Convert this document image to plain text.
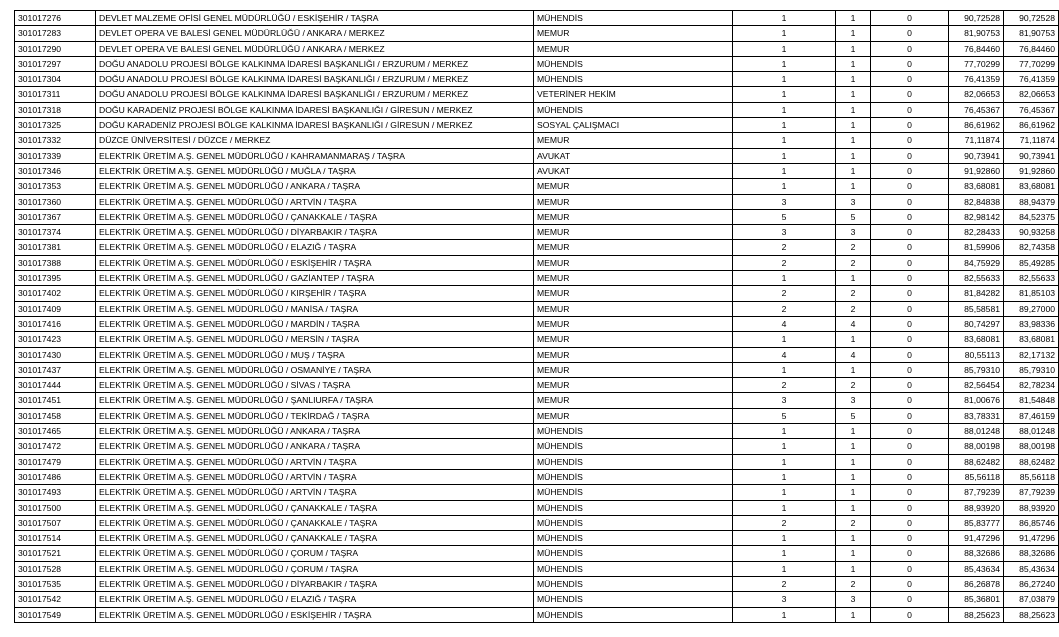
301017276	DEVLET MALZEME OFİSİ GENEL MÜDÜRLÜĞÜ / ESKİŞEHİR / TAŞRA	MÜHENDİS	1	1	0	90,72528	90,72528
301017283	DEVLET OPERA VE BALESİ GENEL MÜDÜRLÜĞÜ / ANKARA / MERKEZ	MEMUR	1	1	0	81,90753	81,90753
301017290	DEVLET OPERA VE BALESİ GENEL MÜDÜRLÜĞÜ / ANKARA / MERKEZ	MEMUR	1	1	0	76,84460	76,84460
301017297	DOĞU ANADOLU PROJESİ BÖLGE KALKINMA İDARESİ BAŞKANLIĞI / ERZURUM / MERKEZ	MÜHENDİS	1	1	0	77,70299	77,70299
301017304	DOĞU ANADOLU PROJESİ BÖLGE KALKINMA İDARESİ BAŞKANLIĞI / ERZURUM / MERKEZ	MÜHENDİS	1	1	0	76,41359	76,41359
301017311	DOĞU ANADOLU PROJESİ BÖLGE KALKINMA İDARESİ BAŞKANLIĞI / ERZURUM / MERKEZ	VETERİNER HEKİM	1	1	0	82,06653	82,06653
301017318	DOĞU KARADENİZ PROJESİ BÖLGE KALKINMA İDARESİ BAŞKANLIĞI / GİRESUN / MERKEZ	MÜHENDİS	1	1	0	76,45367	76,45367
301017325	DOĞU KARADENİZ PROJESİ BÖLGE KALKINMA İDARESİ BAŞKANLIĞI / GİRESUN / MERKEZ	SOSYAL ÇALIŞMACI	1	1	0	86,61962	86,61962
301017332	DÜZCE ÜNİVERSİTESİ / DÜZCE / MERKEZ	MEMUR	1	1	0	71,11874	71,11874
301017339	ELEKTRİK ÜRETİM A.Ş. GENEL MÜDÜRLÜĞÜ / KAHRAMANMARAŞ / TAŞRA	AVUKAT	1	1	0	90,73941	90,73941
301017346	ELEKTRİK ÜRETİM A.Ş. GENEL MÜDÜRLÜĞÜ / MUĞLA / TAŞRA	AVUKAT	1	1	0	91,92860	91,92860
301017353	ELEKTRİK ÜRETİM A.Ş. GENEL MÜDÜRLÜĞÜ / ANKARA / TAŞRA	MEMUR	1	1	0	83,68081	83,68081
301017360	ELEKTRİK ÜRETİM A.Ş. GENEL MÜDÜRLÜĞÜ / ARTVİN / TAŞRA	MEMUR	3	3	0	82,84838	88,94379
301017367	ELEKTRİK ÜRETİM A.Ş. GENEL MÜDÜRLÜĞÜ / ÇANAKKALE / TAŞRA	MEMUR	5	5	0	82,98142	84,52375
301017374	ELEKTRİK ÜRETİM A.Ş. GENEL MÜDÜRLÜĞÜ / DİYARBAKIR / TAŞRA	MEMUR	3	3	0	82,28433	90,93258
301017381	ELEKTRİK ÜRETİM A.Ş. GENEL MÜDÜRLÜĞÜ / ELAZIĞ / TAŞRA	MEMUR	2	2	0	81,59906	82,74358
301017388	ELEKTRİK ÜRETİM A.Ş. GENEL MÜDÜRLÜĞÜ / ESKİŞEHİR / TAŞRA	MEMUR	2	2	0	84,75929	85,49285
301017395	ELEKTRİK ÜRETİM A.Ş. GENEL MÜDÜRLÜĞÜ / GAZİANTEP / TAŞRA	MEMUR	1	1	0	82,55633	82,55633
301017402	ELEKTRİK ÜRETİM A.Ş. GENEL MÜDÜRLÜĞÜ / KIRŞEHİR / TAŞRA	MEMUR	2	2	0	81,84282	81,85103
301017409	ELEKTRİK ÜRETİM A.Ş. GENEL MÜDÜRLÜĞÜ / MANİSA / TAŞRA	MEMUR	2	2	0	85,58581	89,27000
301017416	ELEKTRİK ÜRETİM A.Ş. GENEL MÜDÜRLÜĞÜ / MARDİN / TAŞRA	MEMUR	4	4	0	80,74297	83,98336
301017423	ELEKTRİK ÜRETİM A.Ş. GENEL MÜDÜRLÜĞÜ / MERSİN / TAŞRA	MEMUR	1	1	0	83,68081	83,68081
301017430	ELEKTRİK ÜRETİM A.Ş. GENEL MÜDÜRLÜĞÜ / MUŞ / TAŞRA	MEMUR	4	4	0	80,55113	82,17132
301017437	ELEKTRİK ÜRETİM A.Ş. GENEL MÜDÜRLÜĞÜ / OSMANİYE / TAŞRA	MEMUR	1	1	0	85,79310	85,79310
301017444	ELEKTRİK ÜRETİM A.Ş. GENEL MÜDÜRLÜĞÜ / SİVAS / TAŞRA	MEMUR	2	2	0	82,56454	82,78234
301017451	ELEKTRİK ÜRETİM A.Ş. GENEL MÜDÜRLÜĞÜ / ŞANLIURFA / TAŞRA	MEMUR	3	3	0	81,00676	81,54848
301017458	ELEKTRİK ÜRETİM A.Ş. GENEL MÜDÜRLÜĞÜ / TEKİRDAĞ / TAŞRA	MEMUR	5	5	0	83,78331	87,46159
301017465	ELEKTRİK ÜRETİM A.Ş. GENEL MÜDÜRLÜĞÜ / ANKARA / TAŞRA	MÜHENDİS	1	1	0	88,01248	88,01248
301017472	ELEKTRİK ÜRETİM A.Ş. GENEL MÜDÜRLÜĞÜ / ANKARA / TAŞRA	MÜHENDİS	1	1	0	88,00198	88,00198
301017479	ELEKTRİK ÜRETİM A.Ş. GENEL MÜDÜRLÜĞÜ / ARTVİN / TAŞRA	MÜHENDİS	1	1	0	88,62482	88,62482
301017486	ELEKTRİK ÜRETİM A.Ş. GENEL MÜDÜRLÜĞÜ / ARTVİN / TAŞRA	MÜHENDİS	1	1	0	85,56118	85,56118
301017493	ELEKTRİK ÜRETİM A.Ş. GENEL MÜDÜRLÜĞÜ / ARTVİN / TAŞRA	MÜHENDİS	1	1	0	87,79239	87,79239
301017500	ELEKTRİK ÜRETİM A.Ş. GENEL MÜDÜRLÜĞÜ / ÇANAKKALE / TAŞRA	MÜHENDİS	1	1	0	88,93920	88,93920
301017507	ELEKTRİK ÜRETİM A.Ş. GENEL MÜDÜRLÜĞÜ / ÇANAKKALE / TAŞRA	MÜHENDİS	2	2	0	85,83777	86,85746
301017514	ELEKTRİK ÜRETİM A.Ş. GENEL MÜDÜRLÜĞÜ / ÇANAKKALE / TAŞRA	MÜHENDİS	1	1	0	91,47296	91,47296
301017521	ELEKTRİK ÜRETİM A.Ş. GENEL MÜDÜRLÜĞÜ / ÇORUM / TAŞRA	MÜHENDİS	1	1	0	88,32686	88,32686
301017528	ELEKTRİK ÜRETİM A.Ş. GENEL MÜDÜRLÜĞÜ / ÇORUM / TAŞRA	MÜHENDİS	1	1	0	85,43634	85,43634
301017535	ELEKTRİK ÜRETİM A.Ş. GENEL MÜDÜRLÜĞÜ / DİYARBAKIR / TAŞRA	MÜHENDİS	2	2	0	86,26878	86,27240
301017542	ELEKTRİK ÜRETİM A.Ş. GENEL MÜDÜRLÜĞÜ / ELAZIĞ / TAŞRA	MÜHENDİS	3	3	0	85,36801	87,03879
301017549	ELEKTRİK ÜRETİM A.Ş. GENEL MÜDÜRLÜĞÜ / ESKİŞEHİR / TAŞRA	MÜHENDİS	1	1	0	88,25623	88,25623
